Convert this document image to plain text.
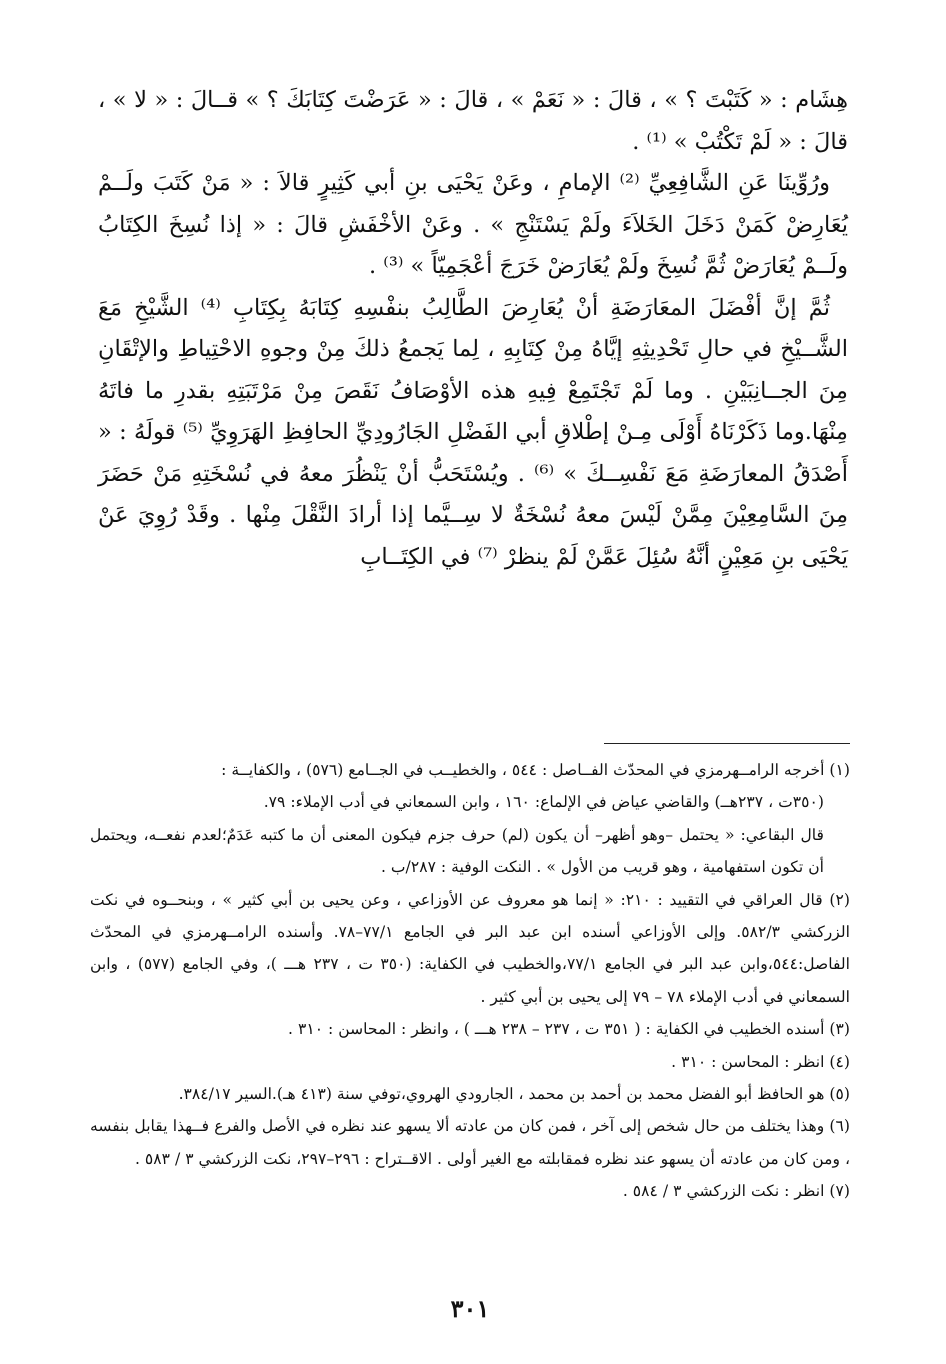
هِشَام : « كَتَبْتَ ؟ » ، قالَ : « نَعَمْ » ، قالَ : « عَرَضْتَ كِتَابَكَ ؟ » قــالَ : « لا » ، قالَ : « لَمْ تَكْتُبْ » ⁽¹⁾ .

ورُوِّينَا عَنِ الشَّافِعِيِّ ⁽²⁾ الإمامِ ، وعَنْ يَحْيَى بنِ أبي كَثِيرٍ قالاَ : « مَنْ كَتَبَ ولَــمْ يُعَارِضْ كَمَنْ دَخَلَ الخَلاَءَ ولَمْ يَسْتَنْجِ » . وعَنْ الأخْفَشِ قالَ : « إذا نُسِخَ الكِتَابُ ولَــمْ يُعَارَضْ ثُمَّ نُسِخَ ولَمْ يُعَارَضْ خَرَجَ أعْجَمِيّاً » ⁽³⁾ .

ثُمَّ إنَّ أفْضَلَ المعَارَضَةِ أنْ يُعَارِضَ الطَّالِبُ بنفْسِهِ كِتَابَهُ بِكِتَابِ ⁽⁴⁾ الشَّيْخِ مَعَ الشَّــيْخِ في حالِ تَحْدِيثِهِ إيَّاهُ مِنْ كِتَابِهِ ، لِما يَجمعُ ذلكَ مِنْ وجوهِ الاحْتِياطِ والإتْقَانِ مِنَ الجــانِبَيْنِ . وما لَمْ تَجْتَمِعْ فِيهِ هذه الأوْصَافُ نَقَصَ مِنْ مَرْتَبَتِهِ بقدرِ ما فاتَهُ مِنْهَا.وما ذَكَرْنَاهُ أَوْلَى مِـنْ إطْلاقِ أبي الفَضْلِ الجَارُودِيِّ الحافِظِ الهَرَوِيِّ ⁽⁵⁾ قولَهُ : « أَصْدَقُ المعارَضَةِ مَعَ نَفْسِــكَ » ⁽⁶⁾ . ويُسْتَحَبُّ أنْ يَنْظُرَ معهُ في نُسْخَتِهِ مَنْ حَضَرَ مِنَ السَّامِعِيْنَ مِمَّنْ لَيْسَ معهُ نُسْخَةٌ لا سِــيَّما إذا أرادَ النَّقْلَ مِنْها . وقَدْ رُوِيَ عَنْ يَحْيَى بنِ مَعِيْنٍ أنَّهُ سُئِلَ عَمَّنْ لَمْ ينظرْ ⁽⁷⁾ في الكِتَــابِ

(١) أخرجه الرامــهرمزي في المحدّث الفــاصل : ٥٤٤ ، والخطيــب في الجــامع (٥٧٦) ، والكفايــة :

(٣٥٠ت ، ٢٣٧هــ) والقاضي عياض في الإلماع: ١٦٠ ، وابن السمعاني في أدب الإملاء: ٧٩.

قال البقاعي: « يحتمل –وهو أظهر– أن يكون (لم) حرف جزم فيكون المعنى أن ما كتبه عَدَمٌ؛لعدم نفعــه، ويحتمل أن تكون استفهامية ، وهو قريب من الأول » . النكت الوفية : ٢٨٧/ب .

(٢) قال العراقي في التقييد : ٢١٠: « إنما هو معروف عن الأوزاعي ، وعن يحيى بن أبي كثير » ، وبنحــوه في نكت الزركشي ٥٨٢/٣. وإلى الأوزاعي أسنده ابن عبد البر في الجامع ٧٧/١–٧٨. وأسنده الرامــهرمزي في المحدّث الفاصل:٥٤٤،وابن عبد البر في الجامع ٧٧/١،والخطيب في الكفاية: (٣٥٠ ت ، ٢٣٧ هـــ )، وفي الجامع (٥٧٧) ، وابن السمعاني في أدب الإملاء ٧٨ – ٧٩ إلى يحيى بن أبي كثير .

(٣) أسنده الخطيب في الكفاية : ( ٣٥١ ت ، ٢٣٧ – ٢٣٨ هـــ ) ، وانظر : المحاسن : ٣١٠ .

(٤) انظر : المحاسن : ٣١٠ .

(٥) هو الحافظ أبو الفضل محمد بن أحمد بن محمد ، الجارودي الهروي،توفي سنة (٤١٣ هـ).السير ٣٨٤/١٧.

(٦) وهذا يختلف من حال شخص إلى آخر ، فمن كان من عادته ألا يسهو عند نظره في الأصل والفرع فــهذا يقابل بنفسه ، ومن كان من عادته أن يسهو عند نظره فمقابلته مع الغير أولى . الاقــتراح : ٢٩٦–٢٩٧، نكت الزركشي ٣ / ٥٨٣ .

(٧) انظر : نكت الزركشي ٣ / ٥٨٤ .

٣٠١
